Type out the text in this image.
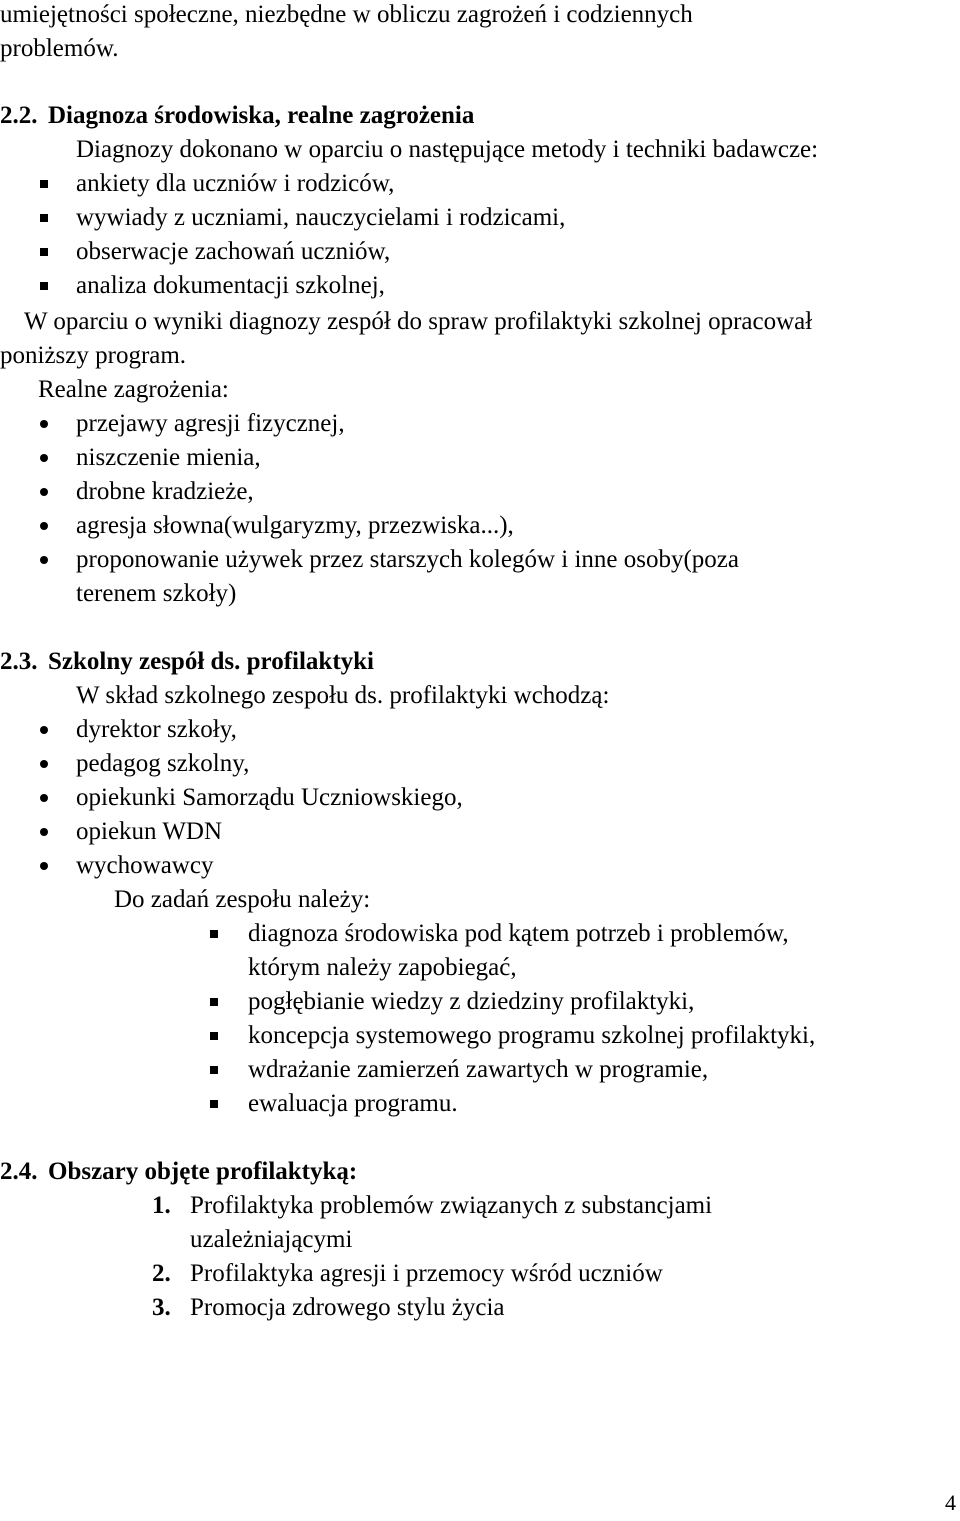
umiejętności społeczne, niezbędne w obliczu zagrożeń i codziennych
problemów.
2.2. Diagnoza środowiska, realne zagrożenia
Diagnozy dokonano w oparciu o następujące metody i techniki badawcze:
ankiety dla uczniów i rodziców,
wywiady z uczniami, nauczycielami i rodzicami,
obserwacje zachowań uczniów,
analiza dokumentacji szkolnej,
W oparciu o wyniki diagnozy zespół do spraw profilaktyki szkolnej opracował
poniższy program.
Realne zagrożenia:
przejawy agresji fizycznej,
niszczenie mienia,
drobne kradzieże,
agresja słowna(wulgaryzmy, przezwiska...),
proponowanie używek przez starszych kolegów i inne osoby(poza
terenem szkoły)
2.3. Szkolny zespół ds. profilaktyki
W skład szkolnego zespołu ds. profilaktyki wchodzą:
dyrektor szkoły,
pedagog szkolny,
opiekunki Samorządu Uczniowskiego,
opiekun WDN
wychowawcy
Do zadań zespołu należy:
diagnoza środowiska pod kątem potrzeb i problemów,
którym należy zapobiegać,
pogłębianie wiedzy z dziedziny profilaktyki,
koncepcja systemowego programu szkolnej profilaktyki,
wdrażanie zamierzeń zawartych w programie,
ewaluacja programu.
2.4. Obszary objęte profilaktyką:
1. Profilaktyka problemów związanych z substancjami
uzależniającymi
2. Profilaktyka agresji i przemocy wśród uczniów
3. Promocja zdrowego stylu życia
4
